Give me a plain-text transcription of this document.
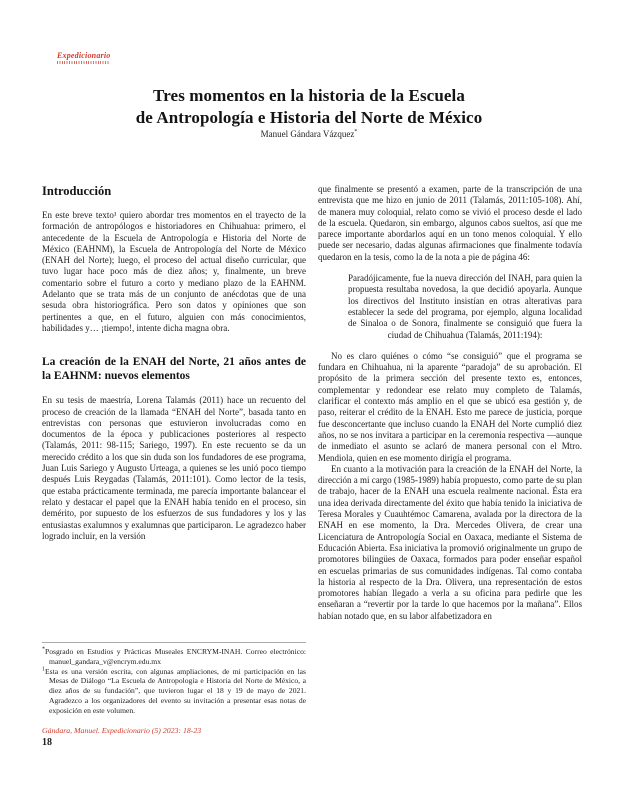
Expedicionario
Tres momentos en la historia de la Escuela
de Antropología e Historia del Norte de México
Manuel Gándara Vázquez*
Introducción

En este breve texto¹ quiero abordar tres momentos en el trayecto de la formación de antropólogos e historiadores en Chihuahua: primero, el antecedente de la Escuela de Antropología e Historia del Norte de México (EAHNM), la Escuela de Antropología del Norte de México (ENAH del Norte); luego, el proceso del actual diseño curricular, que tuvo lugar hace poco más de diez años; y, finalmente, un breve comentario sobre el futuro a corto y mediano plazo de la EAHNM. Adelanto que se trata más de un conjunto de anécdotas que de una sesuda obra historiográfica. Pero son datos y opiniones que son pertinentes a que, en el futuro, alguien con más conocimientos, habilidades y… ¡tiempo!, intente dicha magna obra.

La creación de la ENAH del Norte, 21 años antes de la EAHNM: nuevos elementos

En su tesis de maestría, Lorena Talamás (2011) hace un recuento del proceso de creación de la llamada “ENAH del Norte”, basada tanto en entrevistas con personas que estuvieron involucradas como en documentos de la época y publicaciones posteriores al respecto (Talamás, 2011: 98-115; Sariego, 1997). En este recuento se da un merecido crédito a los que sin duda son los fundadores de ese programa, Juan Luis Sariego y Augusto Urteaga, a quienes se les unió poco tiempo después Luis Reygadas (Talamás, 2011:101). Como lector de la tesis, que estaba prácticamente terminada, me parecía importante balancear el relato y destacar el papel que la ENAH había tenido en el proceso, sin demérito, por supuesto de los esfuerzos de sus fundadores y los y las entusiastas exalumnos y exalumnas que participaron. Le agradezco haber logrado incluir, en la versión

*Posgrado en Estudios y Prácticas Museales ENCRYM-INAH. Correo electrónico: manuel_gandara_v@encrym.edu.mx

$^1$Esta es una versión escrita, con algunas ampliaciones, de mi participación en las Mesas de Diálogo “La Escuela de Antropología e Historia del Norte de México, a diez años de su fundación”, que tuvieron lugar el 18 y 19 de mayo de 2021. Agradezco a los organizadores del evento su invitación a presentar esas notas de exposición en este volumen.

que finalmente se presentó a examen, parte de la transcripción de una entrevista que me hizo en junio de 2011 (Talamás, 2011:105-108). Ahí, de manera muy coloquial, relato como se vivió el proceso desde el lado de la escuela. Quedaron, sin embargo, algunos cabos sueltos, así que me parece importante abordarlos aquí en un tono menos coloquial. Y ello puede ser necesario, dadas algunas afirmaciones que finalmente todavía quedaron en la tesis, como la de la nota a pie de página 46:

Paradójicamente, fue la nueva dirección del INAH, para quien la propuesta resultaba novedosa, la que decidió apoyarla. Aunque los directivos del Instituto insistían en otras alterativas para establecer la sede del programa, por ejemplo, alguna localidad de Sinaloa o de Sonora, finalmente se consiguió que fuera la ciudad de Chihuahua (Talamás, 2011:194):

No es claro quiénes o cómo “se consiguió” que el programa se fundara en Chihuahua, ni la aparente “paradoja” de su aprobación. El propósito de la primera sección del presente texto es, entonces, complementar y redondear ese relato muy completo de Talamás, clarificar el contexto más amplio en el que se ubicó esa gestión y, de paso, reiterar el crédito de la ENAH. Esto me parece de justicia, porque fue desconcertante que incluso cuando la ENAH del Norte cumplió diez años, no se nos invitara a participar en la ceremonia respectiva —aunque de inmediato el asunto se aclaró de manera personal con el Mtro. Mendiola, quien en ese momento dirigía el programa.

En cuanto a la motivación para la creación de la ENAH del Norte, la dirección a mi cargo (1985-1989) había propuesto, como parte de su plan de trabajo, hacer de la ENAH una escuela realmente nacional. Ésta era una idea derivada directamente del éxito que había tenido la iniciativa de Teresa Morales y Cuauhtémoc Camarena, avalada por la directora de la ENAH en ese momento, la Dra. Mercedes Olivera, de crear una Licenciatura de Antropología Social en Oaxaca, mediante el Sistema de Educación Abierta. Esa iniciativa la promovió originalmente un grupo de promotores bilingües de Oaxaca, formados para poder enseñar español en escuelas primarias de sus comunidades indígenas. Tal como contaba la historia al respecto de la Dra. Olivera, una representación de estos promotores habían llegado a verla a su oficina para pedirle que les enseñaran a “revertir por la tarde lo que hacemos por la mañana”. Ellos habían notado que, en su labor alfabetizadora en

Gándara, Manuel. Expedicionario (5) 2023: 18-23
18
